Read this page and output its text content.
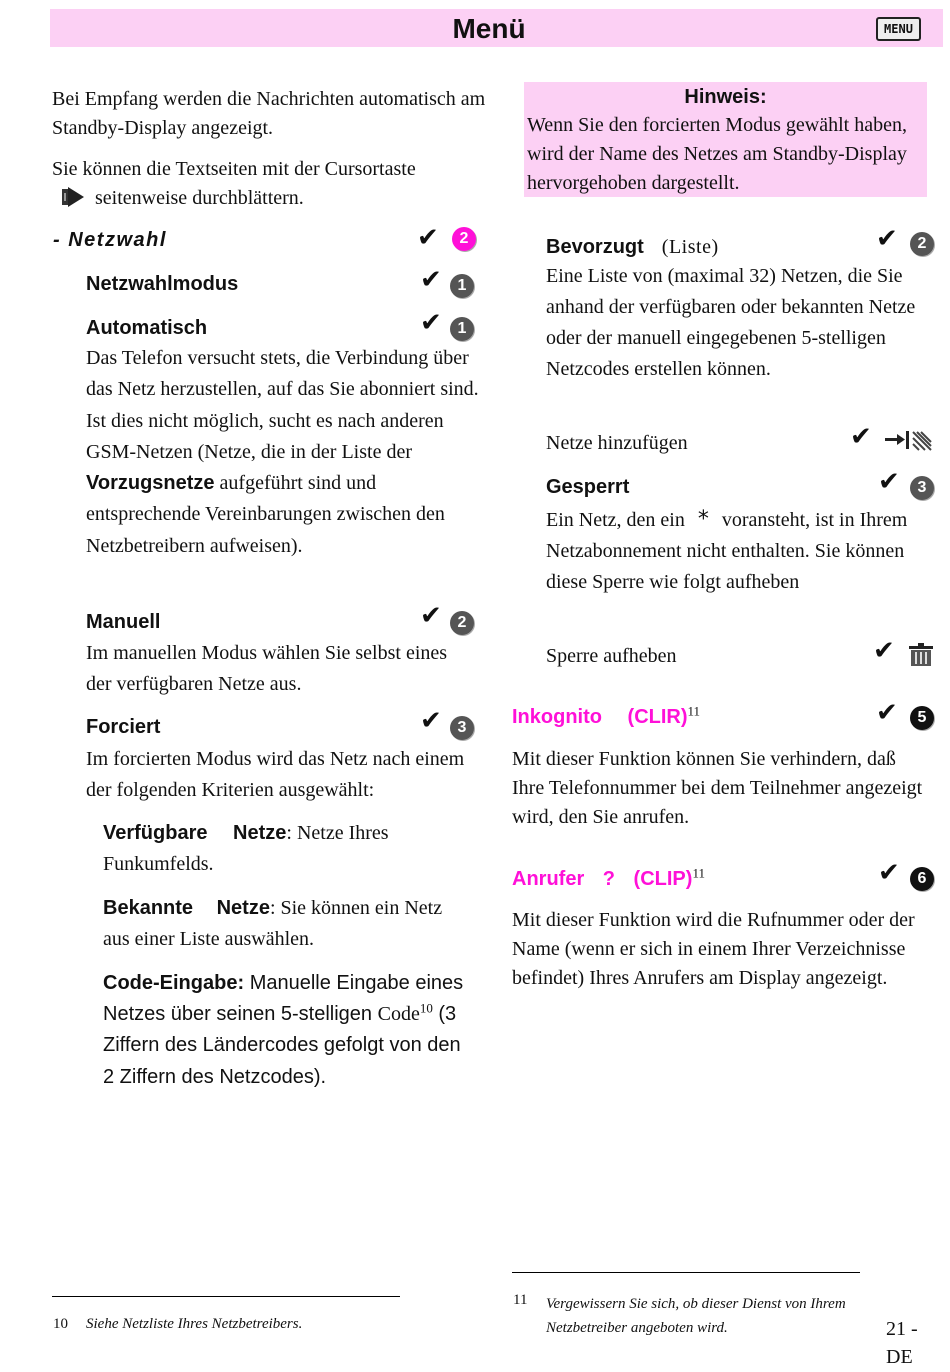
Menü	MENU
Bei Empfang werden die Nachrichten automatisch am Standby-Display angezeigt.
Sie können die Textseiten mit der Cursortaste
seitenweise durchblättern.
- Netzwahl	✔	2
Netzwahlmodus	✔ 1
Automatisch	✔ 1
Das Telefon versucht stets, die Verbindung über das Netz herzustellen, auf das Sie abonniert sind. Ist dies nicht möglich, sucht es nach anderen GSM-Netzen (Netze, die in der Liste der Vorzugsnetze aufgeführt sind und entsprechende Vereinbarungen zwischen den Netzbetreibern aufweisen).
Manuell	✔ 2
Im manuellen Modus wählen Sie selbst eines der verfügbaren Netze aus.
Forciert	✔ 3
Im forcierten Modus wird das Netz nach einem der folgenden Kriterien ausgewählt:
Verfügbare Netze: Netze Ihres Funkumfelds.
Bekannte Netze: Sie können ein Netz aus einer Liste auswählen.
Code-Eingabe: Manuelle Eingabe eines Netzes über seinen 5-stelligen Code$^{10}$ (3 Ziffern des Ländercodes gefolgt von den 2 Ziffern des Netzcodes).
10 Siehe Netzliste Ihres Netzbetreibers.
Hinweis:
Wenn Sie den forcierten Modus gewählt haben, wird der Name des Netzes am Standby-Display hervorgehoben dargestellt.
Bevorzugt (Liste)	✔	2
Eine Liste von (maximal 32) Netzen, die Sie anhand der verfügbaren oder bekannten Netze oder der manuell eingegebenen 5-stelligen Netzcodes erstellen können.
Netze hinzufügen	✔
Gesperrt	✔	3
Ein Netz, den ein * voransteht, ist in Ihrem Netzabonnement nicht enthalten. Sie können diese Sperre wie folgt aufheben
Sperre aufheben	✔
Inkognito (CLIR)$^{11}$	✔	5
Mit dieser Funktion können Sie verhindern, daß Ihre Telefonnummer bei dem Teilnehmer angezeigt wird, den Sie anrufen.
Anrufer ? (CLIP)$^{11}$	✔	6
Mit dieser Funktion wird die Rufnummer oder der Name (wenn er sich in einem Ihrer Verzeichnisse befindet) Ihres Anrufers am Display angezeigt.
11 Vergewissern Sie sich, ob dieser Dienst von Ihrem Netzbetreiber angeboten wird.	21 -
DE
